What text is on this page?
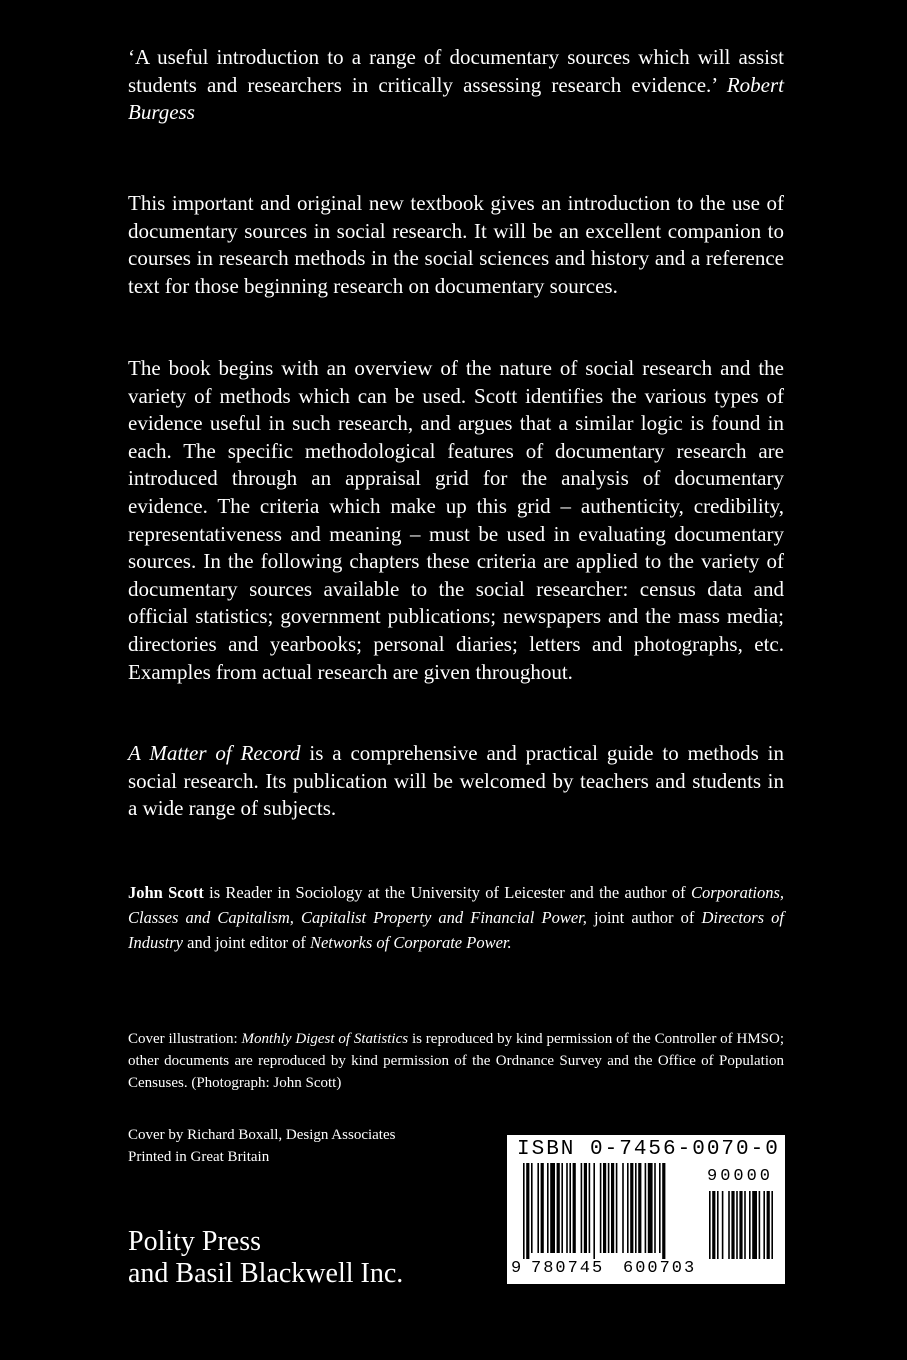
‘A useful introduction to a range of documentary sources which will assist students and researchers in critically assessing research evidence.’ Robert Burgess

This important and original new textbook gives an introduction to the use of documentary sources in social research. It will be an excellent companion to courses in research methods in the social sciences and history and a reference text for those beginning research on documentary sources.

The book begins with an overview of the nature of social research and the variety of methods which can be used. Scott identifies the various types of evidence useful in such research, and argues that a similar logic is found in each. The specific methodological features of documentary research are introduced through an appraisal grid for the analysis of documentary evidence. The criteria which make up this grid – authenticity, credibility, representativeness and meaning – must be used in evaluating documentary sources. In the following chapters these criteria are applied to the variety of documentary sources available to the social researcher: census data and official statistics; government publications; newspapers and the mass media; directories and yearbooks; personal diaries; letters and photographs, etc. Examples from actual research are given throughout.

A Matter of Record is a comprehensive and practical guide to methods in social research. Its publication will be welcomed by teachers and students in a wide range of subjects.
John Scott is Reader in Sociology at the University of Leicester and the author of Corporations, Classes and Capitalism, Capitalist Property and Financial Power, joint author of Directors of Industry and joint editor of Networks of Corporate Power.
Cover illustration: Monthly Digest of Statistics is reproduced by kind permission of the Controller of HMSO; other documents are reproduced by kind permission of the Ordnance Survey and the Office of Population Censuses. (Photograph: John Scott)
Cover by Richard Boxall, Design Associates
Printed in Great Britain
Polity Press
and Basil Blackwell Inc.
ISBN 0-7456-0070-0
90000
9 780745	600703
